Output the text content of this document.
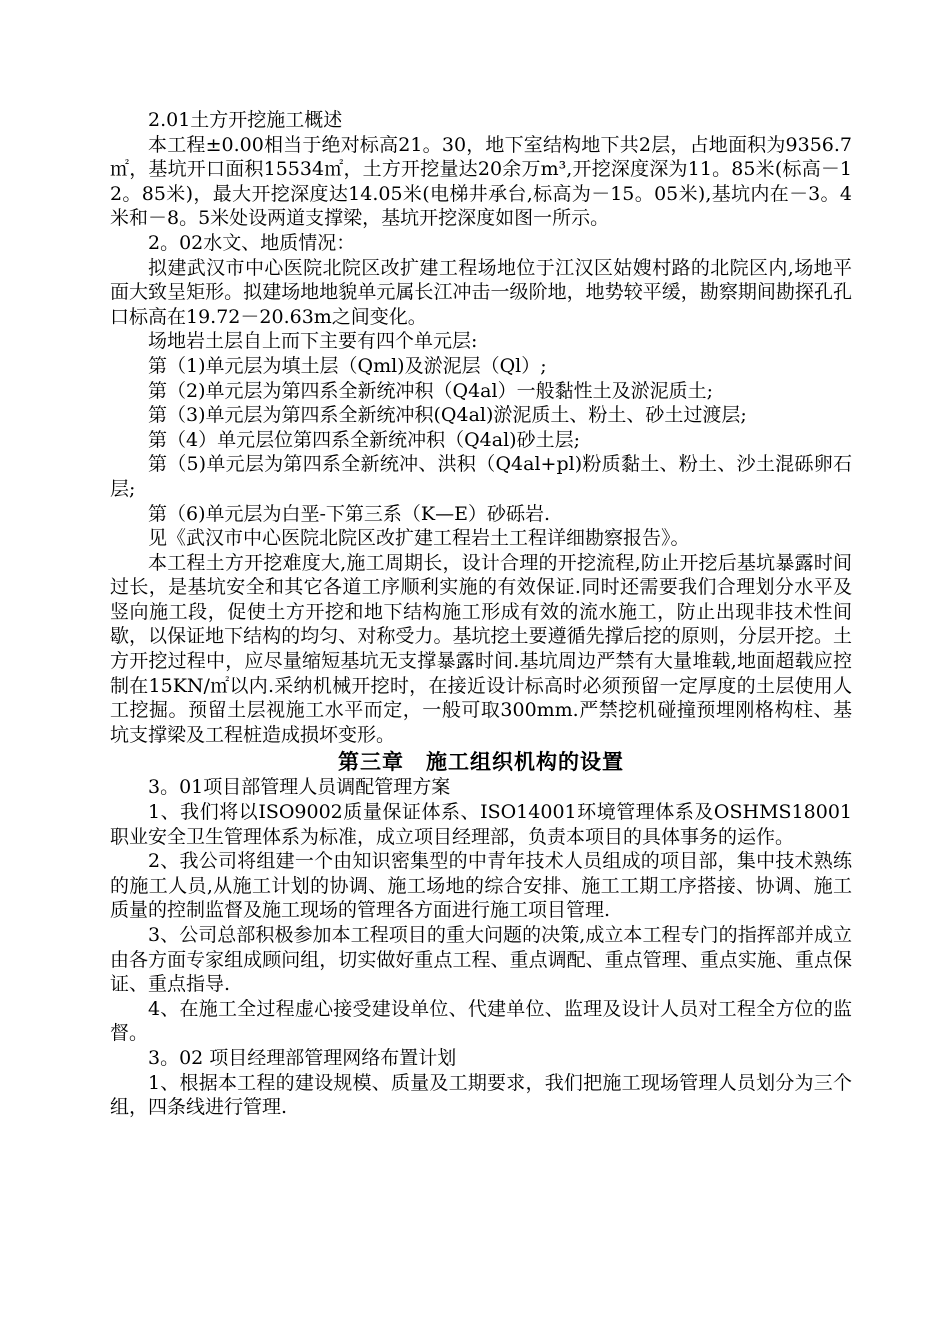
2.01土方开挖施工概述

本工程±0.00相当于绝对标高21。30，地下室结构地下共2层，占地面积为9356.7㎡，基坑开口面积15534㎡，土方开挖量达20余万m³,开挖深度深为11。85米(标高－12。85米)，最大开挖深度达14.05米(电梯井承台,标高为－15。05米),基坑内在－3。4米和－8。5米处设两道支撑梁，基坑开挖深度如图一所示。

2。02水文、地质情况：

拟建武汉市中心医院北院区改扩建工程场地位于江汉区姑嫂村路的北院区内,场地平面大致呈矩形。拟建场地地貌单元属长江冲击一级阶地，地势较平缓，勘察期间勘探孔孔口标高在19.72－20.63m之间变化。

场地岩土层自上而下主要有四个单元层:

第（1)单元层为填土层（Qml)及淤泥层（Ql）;

第（2)单元层为第四系全新统冲积（Q4al）一般黏性土及淤泥质土;

第（3)单元层为第四系全新统冲积(Q4al)淤泥质土、粉土、砂土过渡层;

第（4）单元层位第四系全新统冲积（Q4al)砂土层;

第（5)单元层为第四系全新统冲、洪积（Q4al+pl)粉质黏土、粉土、沙土混砾卵石层;

第（6)单元层为白垩-下第三系（K—E）砂砾岩.

见《武汉市中心医院北院区改扩建工程岩土工程详细勘察报告》。

本工程土方开挖难度大,施工周期长，设计合理的开挖流程,防止开挖后基坑暴露时间过长，是基坑安全和其它各道工序顺利实施的有效保证.同时还需要我们合理划分水平及竖向施工段，促使土方开挖和地下结构施工形成有效的流水施工，防止出现非技术性间歇，以保证地下结构的均匀、对称受力。基坑挖土要遵循先撑后挖的原则，分层开挖。土方开挖过程中，应尽量缩短基坑无支撑暴露时间.基坑周边严禁有大量堆载,地面超载应控制在15KN/㎡以内.采纳机械开挖时，在接近设计标高时必须预留一定厚度的土层使用人工挖掘。预留土层视施工水平而定，一般可取300mm.严禁挖机碰撞预埋刚格构柱、基坑支撑梁及工程桩造成损坏变形。

第三章　施工组织机构的设置

3。01项目部管理人员调配管理方案

1、我们将以ISO9002质量保证体系、ISO14001环境管理体系及OSHMS18001职业安全卫生管理体系为标准，成立项目经理部，负责本项目的具体事务的运作。

2、我公司将组建一个由知识密集型的中青年技术人员组成的项目部，集中技术熟练的施工人员,从施工计划的协调、施工场地的综合安排、施工工期工序搭接、协调、施工质量的控制监督及施工现场的管理各方面进行施工项目管理.

3、公司总部积极参加本工程项目的重大问题的决策,成立本工程专门的指挥部并成立由各方面专家组成顾问组，切实做好重点工程、重点调配、重点管理、重点实施、重点保证、重点指导.

4、在施工全过程虚心接受建设单位、代建单位、监理及设计人员对工程全方位的监督。

3。02 项目经理部管理网络布置计划

1、根据本工程的建设规模、质量及工期要求，我们把施工现场管理人员划分为三个组，四条线进行管理.
